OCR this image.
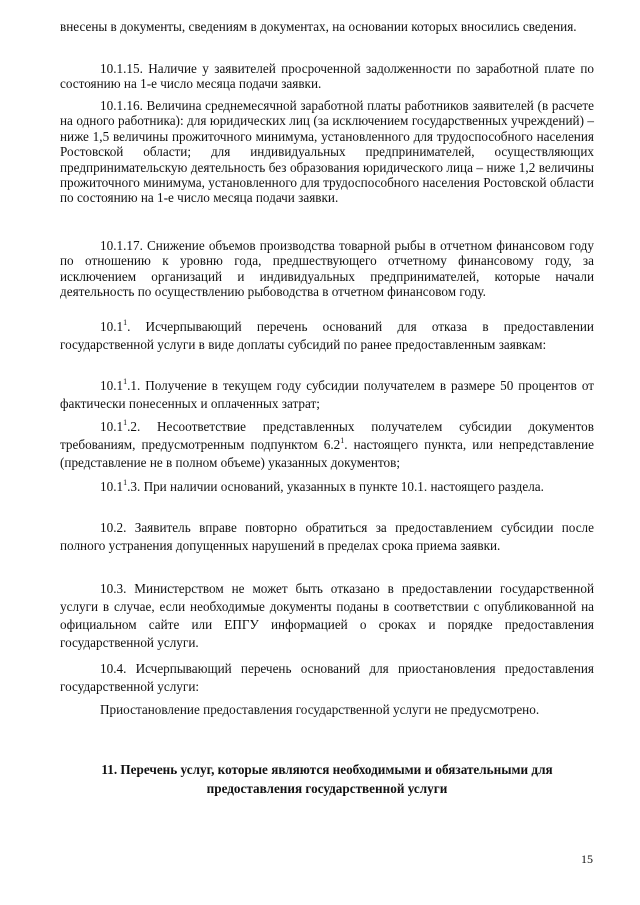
внесены в документы, сведениям в документах, на основании которых вносились сведения.

10.1.15. Наличие у заявителей просроченной задолженности по заработной плате по состоянию на 1-е число месяца подачи заявки.

10.1.16. Величина среднемесячной заработной платы работников заявителей (в расчете на одного работника): для юридических лиц (за исключением государственных учреждений) – ниже 1,5 величины прожиточного минимума, установленного для трудоспособного населения Ростовской области; для индивидуальных предпринимателей, осуществляющих предпринимательскую деятельность без образования юридического лица – ниже 1,2 величины прожиточного минимума, установленного для трудоспособного населения Ростовской области по состоянию на 1-е число месяца подачи заявки.

10.1.17. Снижение объемов производства товарной рыбы в отчетном финансовом году по отношению к уровню года, предшествующего отчетному финансовому году, за исключением организаций и индивидуальных предпринимателей, которые начали деятельность по осуществлению рыбоводства в отчетном финансовом году.

10.1$^1$. Исчерпывающий перечень оснований для отказа в предоставлении государственной услуги в виде доплаты субсидий по ранее предоставленным заявкам:

10.1$^1$.1. Получение в текущем году субсидии получателем в размере 50 процентов от фактически понесенных и оплаченных затрат;

10.1$^1$.2. Несоответствие представленных получателем субсидии документов требованиям, предусмотренным подпунктом $6.2^1$. настоящего пункта, или непредставление (представление не в полном объеме) указанных документов;

10.1$^1$.3. При наличии оснований, указанных в пункте 10.1. настоящего раздела.

10.2. Заявитель вправе повторно обратиться за предоставлением субсидии после полного устранения допущенных нарушений в пределах срока приема заявки.

10.3. Министерством не может быть отказано в предоставлении государственной услуги в случае, если необходимые документы поданы в соответствии с опубликованной на официальном сайте или ЕПГУ информацией о сроках и порядке предоставления государственной услуги.

10.4. Исчерпывающий перечень оснований для приостановления предоставления государственной услуги:

Приостановление предоставления государственной услуги не предусмотрено.

11. Перечень услуг, которые являются необходимыми и обязательными для предоставления государственной услуги

15
